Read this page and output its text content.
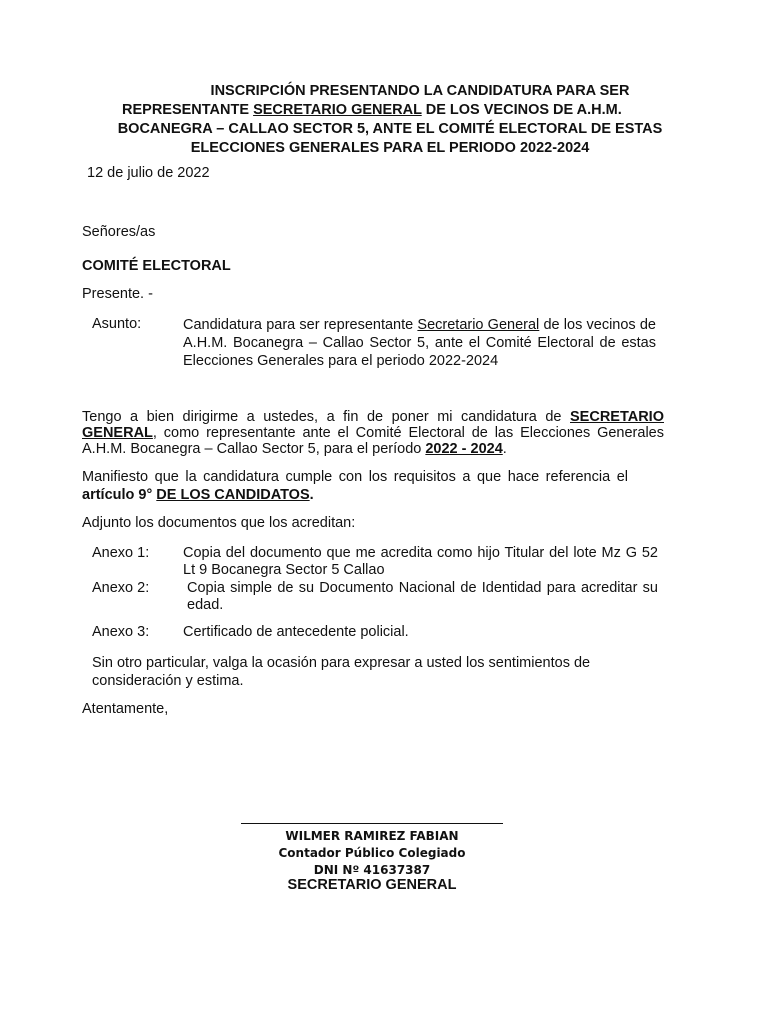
INSCRIPCIÓN PRESENTANDO LA CANDIDATURA PARA SER
REPRESENTANTE SECRETARIO GENERAL DE LOS VECINOS DE A.H.M.
BOCANEGRA – CALLAO SECTOR 5, ANTE EL COMITÉ ELECTORAL DE ESTAS
ELECCIONES GENERALES PARA EL PERIODO 2022-2024
12 de julio de 2022
Señores/as
COMITÉ ELECTORAL
Presente. -
Asunto:	Candidatura para ser representante Secretario General de los vecinos de A.H.M. Bocanegra – Callao Sector 5, ante el Comité Electoral de estas Elecciones Generales para el periodo 2022-2024
Tengo a bien dirigirme a ustedes, a fin de poner mi candidatura de SECRETARIO GENERAL, como representante ante el Comité Electoral de las Elecciones Generales A.H.M. Bocanegra – Callao Sector 5, para el período 2022 - 2024.
Manifiesto que la candidatura cumple con los requisitos a que hace referencia el
artículo 9° DE LOS CANDIDATOS.
Adjunto los documentos que los acreditan:
Anexo 1: Copia del documento que me acredita como hijo Titular del lote Mz G 52 Lt 9 Bocanegra Sector 5 Callao
Anexo 2:	Copia simple de su Documento Nacional de Identidad para acreditar su edad.
Anexo 3: Certificado de antecedente policial.
Sin otro particular, valga la ocasión para expresar a usted los sentimientos de consideración y estima.
Atentamente,
WILMER RAMIREZ FABIAN
Contador Público Colegiado
DNI Nº 41637387
SECRETARIO GENERAL
